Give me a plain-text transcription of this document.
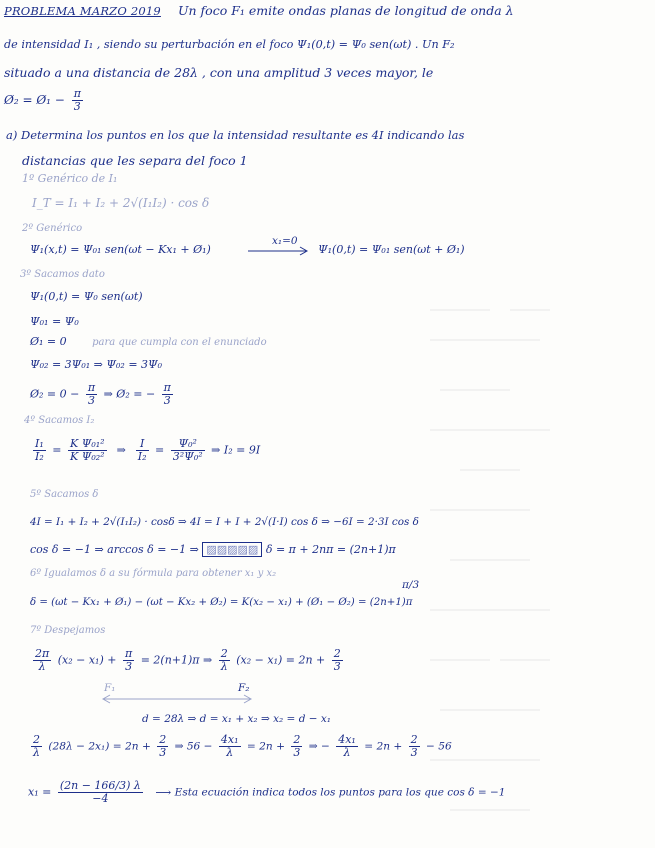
PROBLEMA MARZO 2019 Un foco F₁ emite ondas planas de longitud de onda λ
de intensidad I₁ , siendo su perturbación en el foco Ψ₁(0,t) = Ψ₀ sen(ωt) . Un F₂
situado a una distancia de 28λ , con una amplitud 3 veces mayor, le
Ø₂ = Ø₁ − $\frac{\pi}{3}$
a) Determina los puntos en los que la intensidad resultante es 4I indicando las
distancias que les separa del foco 1
1º Genérico de I₁
I_T = I₁ + I₂ + 2√(I₁I₂) · cos δ
2º Genérico
Ψ₁(x,t) = Ψ₀₁ sen(ωt − Kx₁ + Ø₁)
x₁=0
Ψ₁(0,t) = Ψ₀₁ sen(ωt + Ø₁)
3º Sacamos dato
Ψ₁(0,t) = Ψ₀ sen(ωt)
Ψ₀₁ = Ψ₀
Ø₁ = 0	para que cumpla con el enunciado
Ψ₀₂ = 3Ψ₀₁ ⇒ Ψ₀₂ = 3Ψ₀
Ø₂ = $0 - \frac{\pi}{3}$ ⇒ Ø₂ = − $\frac{\pi}{3}$
4º Sacamos I₂
$\frac{\text{I₁}}{\text{I₂}} = \frac{\text{K Ψ₀₁²}}{\text{K Ψ₀₂²}}$ ⇒ $\frac{I}{\text{I₂}} = \frac{\text{Ψ₀²}}{\text{3²Ψ₀²}}$ ⇒ I₂ = 9I
5º Sacamos δ
4I = I₁ + I₂ + 2√(I₁I₂) · cosδ ⇒ 4I = I + I + 2√(I·I) cos δ ⇒ −6I = 2·3I cos δ
cos δ = −1 ⇒ arccos δ = −1 ⇒ ▨▨▨▨▨ δ = π + 2nπ = (2n+1)π
6º Igualamos δ a su fórmula para obtener x₁ y x₂
π/3
δ = (ωt − Kx₁ + Ø₁) − (ωt − Kx₂ + Ø₂) = K(x₂ − x₁) + (Ø₁ − Ø₂) = (2n+1)π
7º Despejamos
$\frac{2\pi}{\lambda} (x_2 - x_1) + \frac{\pi}{3} = 2(n+1)\pi$ ⇒ $\frac{2}{\lambda} (x_2 - x_1) = 2n + \frac{2}{3}$
F₁	F₂
d = 28λ ⇒ d = x₁ + x₂ ⇒ x₂ = d − x₁
$\frac{2}{\lambda} (28\lambda - 2x_1) = 2n + \frac{2}{3}$ ⇒ $56 - \frac{\text{4x₁}}{\lambda} = 2n + \frac{2}{3}$ ⇒ − $\frac{\text{4x₁}}{\lambda} = 2n + \frac{2}{3} - 56$
$x_1 = \frac{(2n - 166/3) \lambda}{-4}$ ⟶ Esta ecuación indica todos los puntos para los que cos δ = −1
